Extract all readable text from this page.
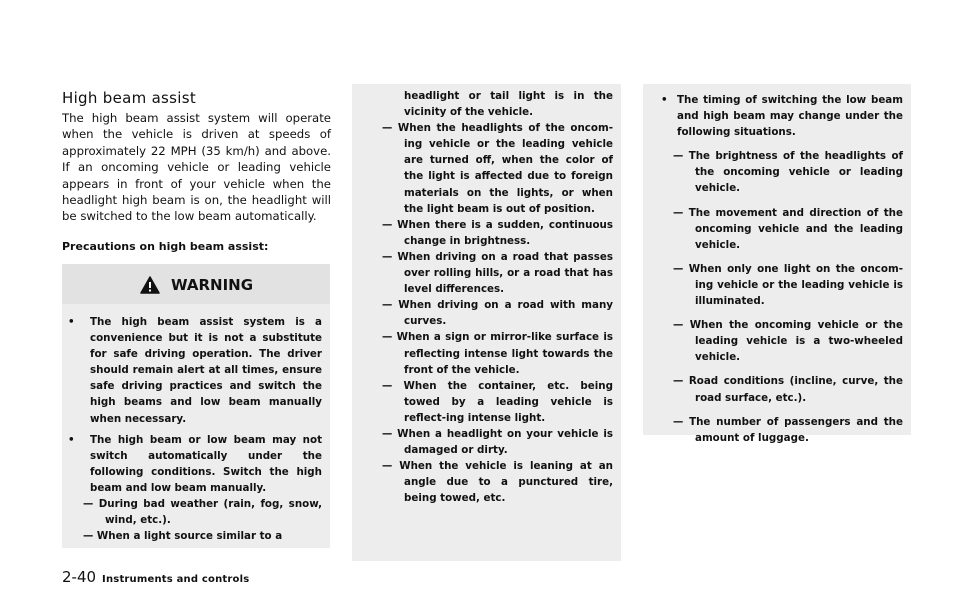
High beam assist

The high beam assist system will operate when the vehicle is driven at speeds of approximately 22 MPH (35 km/h) and above. If an oncoming vehicle or leading vehicle appears in front of your vehicle when the headlight high beam is on, the headlight will be switched to the low beam automatically.

Precautions on high beam assist:

WARNING

•	The high beam assist system is a convenience but it is not a substitute for safe driving operation. The driver should remain alert at all times, ensure safe driving practices and switch the high beams and low beam manually when necessary.
•	The high beam or low beam may not switch automatically under the following conditions. Switch the high beam and low beam manually.

— During bad weather (rain, fog, snow, wind, etc.).

— When a light source similar to a

headlight or tail light is in the vicinity of the vehicle.

— When the headlights of the oncom-ing vehicle or the leading vehicle are turned off, when the color of the light is affected due to foreign materials on the lights, or when the light beam is out of position.

— When there is a sudden, continuous change in brightness.

— When driving on a road that passes over rolling hills, or a road that has level differences.

— When driving on a road with many curves.

— When a sign or mirror-like surface is reflecting intense light towards the front of the vehicle.

— When the container, etc. being towed by a leading vehicle is reflect-ing intense light.

— When a headlight on your vehicle is damaged or dirty.

— When the vehicle is leaning at an angle due to a punctured tire, being towed, etc.

• The timing of switching the low beam and high beam may change under the following situations.

— The brightness of the headlights of the oncoming vehicle or leading vehicle.

— The movement and direction of the oncoming vehicle and the leading vehicle.

— When only one light on the oncom-ing vehicle or the leading vehicle is illuminated.

— When the oncoming vehicle or the leading vehicle is a two-wheeled vehicle.

— Road conditions (incline, curve, the road surface, etc.).

— The number of passengers and the amount of luggage.

2-40 Instruments and controls
